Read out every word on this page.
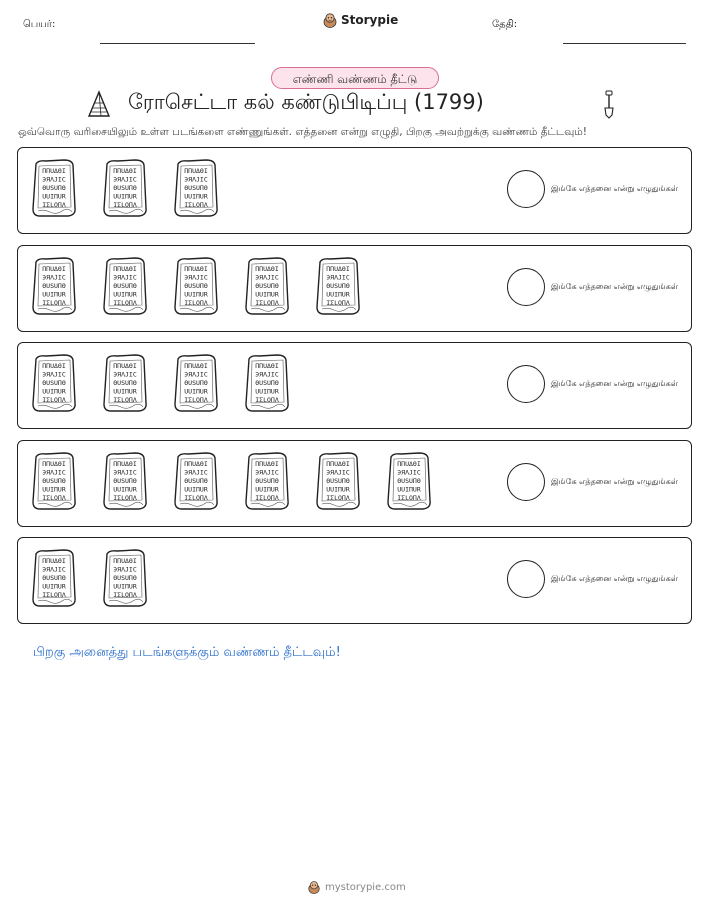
பெயர்:	Storypie	தேதி:
எண்ணி வண்ணம் தீட்டு
ரோசெட்டா கல் கண்டுபிடிப்பு (1799)
ஒவ்வொரு வரிசையிலும் உள்ள படங்களை எண்ணுங்கள். எத்தனை என்று எழுதி, பிறகு அவற்றுக்கு வண்ணம் தீட்டவும்!
ΠΠUΔΘΙ
ЭЯΛJIC
ΘUSUΠΘ
UUIΠUR
ΙΣLΟΠΛ
ΠΠUΔΘΙ
ЭЯΛJIC
ΘUSUΠΘ
UUIΠUR
ΙΣLΟΠΛ
ΠΠUΔΘΙ
ЭЯΛJIC
ΘUSUΠΘ
UUIΠUR
ΙΣLΟΠΛ
இங்கே எத்தனை என்று எழுதுங்கள்
ΠΠUΔΘΙ
ЭЯΛJIC
ΘUSUΠΘ
UUIΠUR
ΙΣLΟΠΛ
ΠΠUΔΘΙ
ЭЯΛJIC
ΘUSUΠΘ
UUIΠUR
ΙΣLΟΠΛ
ΠΠUΔΘΙ
ЭЯΛJIC
ΘUSUΠΘ
UUIΠUR
ΙΣLΟΠΛ
ΠΠUΔΘΙ
ЭЯΛJIC
ΘUSUΠΘ
UUIΠUR
ΙΣLΟΠΛ
ΠΠUΔΘΙ
ЭЯΛJIC
ΘUSUΠΘ
UUIΠUR
ΙΣLΟΠΛ
இங்கே எத்தனை என்று எழுதுங்கள்
ΠΠUΔΘΙ
ЭЯΛJIC
ΘUSUΠΘ
UUIΠUR
ΙΣLΟΠΛ
ΠΠUΔΘΙ
ЭЯΛJIC
ΘUSUΠΘ
UUIΠUR
ΙΣLΟΠΛ
ΠΠUΔΘΙ
ЭЯΛJIC
ΘUSUΠΘ
UUIΠUR
ΙΣLΟΠΛ
ΠΠUΔΘΙ
ЭЯΛJIC
ΘUSUΠΘ
UUIΠUR
ΙΣLΟΠΛ
இங்கே எத்தனை என்று எழுதுங்கள்
ΠΠUΔΘΙ
ЭЯΛJIC
ΘUSUΠΘ
UUIΠUR
ΙΣLΟΠΛ
ΠΠUΔΘΙ
ЭЯΛJIC
ΘUSUΠΘ
UUIΠUR
ΙΣLΟΠΛ
ΠΠUΔΘΙ
ЭЯΛJIC
ΘUSUΠΘ
UUIΠUR
ΙΣLΟΠΛ
ΠΠUΔΘΙ
ЭЯΛJIC
ΘUSUΠΘ
UUIΠUR
ΙΣLΟΠΛ
ΠΠUΔΘΙ
ЭЯΛJIC
ΘUSUΠΘ
UUIΠUR
ΙΣLΟΠΛ
ΠΠUΔΘΙ
ЭЯΛJIC
ΘUSUΠΘ
UUIΠUR
ΙΣLΟΠΛ
இங்கே எத்தனை என்று எழுதுங்கள்
ΠΠUΔΘΙ
ЭЯΛJIC
ΘUSUΠΘ
UUIΠUR
ΙΣLΟΠΛ
ΠΠUΔΘΙ
ЭЯΛJIC
ΘUSUΠΘ
UUIΠUR
ΙΣLΟΠΛ
இங்கே எத்தனை என்று எழுதுங்கள்
பிறகு அனைத்து படங்களுக்கும் வண்ணம் தீட்டவும்!
mystorypie.com
